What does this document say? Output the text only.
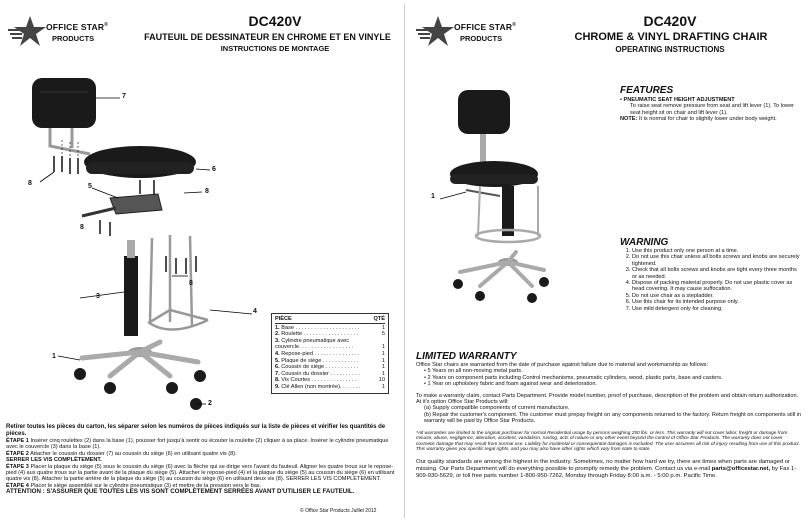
OFFICE STAR®
PRODUCTS
DC420V
FAUTEUIL DE DESSINATEUR EN CHROME ET EN VINYLE
INSTRUCTIONS DE MONTAGE
7
6
5
8
8
8
8
3
4
1
2
PIÈCE	QTÉ
1. Base . . . . . . . . . . . . . . . . . . . . .	1
2. Roulette . . . . . . . . . . . . . . . . . .	5
3. Cylindre pneumatique avec
couvercle. . . . . . . . . . . . . . . . . .	1
4. Repose-pied . . . . . . . . . . . . . . .	1
5. Plaque de siège . . . . . . . . . . . .	1
6. Coussin de siège . . . . . . . . . . .	1
7. Coussin du dossier . . . . . . . . . .	1
8. Vis Courtes . . . . . . . . . . . . . . .	10
9. Clé Allen (non montrée). . . . . . .	1
Retirer toutes les pièces du carton, les séparer selon les numéros de pièces indiqués sur la liste de pièces et vérifier les quantités de pièces.
ÉTAPE 1 Insérer cinq roulettes (2) dans la base (1), pousser fort jusqu'à sentir ou écouter la roulette (2) cliquer à sa place. Insérer le cylindre pneumatique avec le couvercle (3) dans la base (1).
ÉTAPE 2 Attacher le coussin du dossier (7) au coussin du siège (6) en utilisant quatre vis (8).
SERRER LES VIS COMPLÈTEMENT.
ÉTAPE 3 Placer la plaque du siège (5) sous le coussin du siège (6) avec la flèche qui se dirige vers l'avant du fauteuil. Aligner les quatre trous sur le repose-pied (4) aux quatre trous sur la partie avant de la plaque du siège (5). Attacher le repose-pied (4) et la plaque du siège (5) au coussin du siège (6) en utilisant quatre vis (8). Attacher la partie arrière de la plaque du siège (5) au coussin du siège (6) en utilisant deux vis (8). SERRER LES VIS COMPLÈTEMENT.
ÉTAPE 4 Placer le siège assemblé sur le cylindre pneumatique (3) et mettre de la pression vers le bas.
ATTENTION : S'ASSURER QUE TOUTES LES VIS SONT COMPLÈTEMENT SERRÉES AVANT D'UTILISER LE FAUTEUIL.
© Office Star Products Juillet 2012
OFFICE STAR®
PRODUCTS
DC420V
CHROME & VINYL DRAFTING CHAIR
OPERATING INSTRUCTIONS
1
FEATURES
• PNEUMATIC SEAT HEIGHT ADJUSTMENT
To raise seat remove pressure from seat and lift lever (1). To lower seat height sit on chair and lift lever (1).
NOTE: It is normal for chair to slightly lower under body weight.
WARNING
1. Use this product only one person at a time.
2. Do not use this chair unless all bolts screws and knobs are securely tightened.
3. Check that all bolts screws and knobs are tight every three months or as needed.
4. Dispose of packing material properly. Do not use plastic cover as head covering. It may cause suffocation.
5. Do not use chair as a stepladder.
6. Use this chair for its intended purpose only.
7. Use mild detergent only for cleaning.
LIMITED WARRANTY
Office Star chairs are warranted from the date of purchase against failure due to material and workmanship as follows:
• 5 Years on all non-moving metal parts.
• 2 Years on component parts including Control mechanisms, pneumatic cylinders, wood, plastic parts, base and casters.
• 1 Year on upholstery fabric and foam against wear and deterioration.
To make a warranty claim, contact Parts Department. Provide model number, proof of purchase, description of the problem and obtain return authorization. At it's option Office Star Products will:
(a) Supply compatible components of current manufacture.
(b) Repair the customer's component. The customer must prepay freight on any components returned to the factory. Return freight on components still in warranty will be paid by Office Star Products.
*All warranties are limited to the original purchaser for normal Residential usage by persons weighing 250 lbs. or less. This warranty will not cover labor, freight or damage from misuse, abuse, negligence, alteration, accident, vandalism, rusting, acts of nature or any other event beyond the control of Office Star Products. The warranty does not cover cosmetic damage that may result from normal use. Liability for incidental or consequential damages is excluded. The user assumes all risk of injury resulting from use of this product. This warranty gives you specific legal rights, and you may also have other rights which vary from state to state.
Our quality standards are among the highest in the industry. Sometimes, no matter how hard we try, there are times when parts are damaged or missing. Our Parts Department will do everything possible to promptly remedy the problem. Contact us via e-mail parts@officestar.net, by Fax 1-909-930-5629, or toll free parts number 1-800-950-7262, Monday through Friday 8:00 a.m. - 5:00 p.m. Pacific Time.
